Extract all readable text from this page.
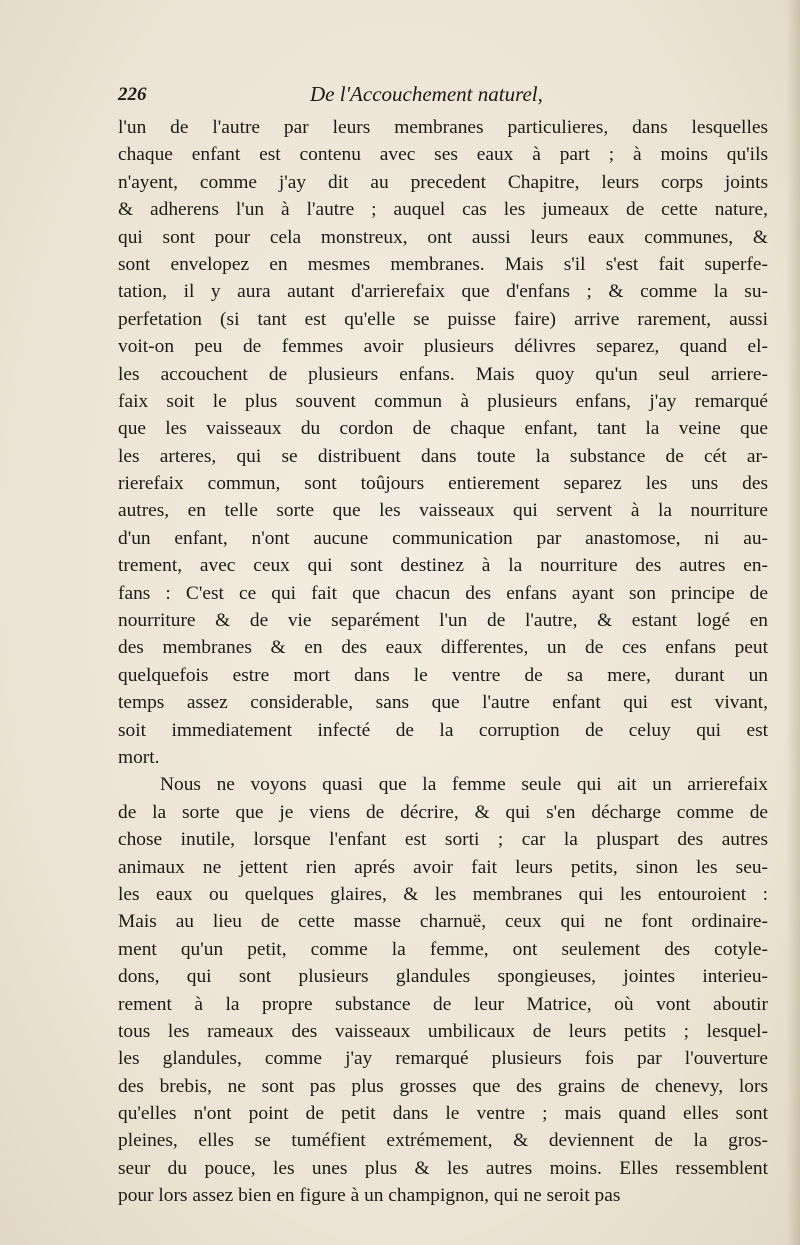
226	De l'Accouchement naturel,
l'un de l'autre par leurs membranes particulieres, dans lesquelles
chaque enfant est contenu avec ses eaux à part ; à moins qu'ils
n'ayent, comme j'ay dit au precedent Chapitre, leurs corps joints
& adherens l'un à l'autre ; auquel cas les jumeaux de cette nature,
qui sont pour cela monstreux, ont aussi leurs eaux communes, &
sont envelopez en mesmes membranes. Mais s'il s'est fait superfe-
tation, il y aura autant d'arrierefaix que d'enfans ; & comme la su-
perfetation (si tant est qu'elle se puisse faire) arrive rarement, aussi
voit-on peu de femmes avoir plusieurs délivres separez, quand el-
les accouchent de plusieurs enfans. Mais quoy qu'un seul arriere-
faix soit le plus souvent commun à plusieurs enfans, j'ay remarqué
que les vaisseaux du cordon de chaque enfant, tant la veine que
les arteres, qui se distribuent dans toute la substance de cét ar-
rierefaix commun, sont toûjours entierement separez les uns des
autres, en telle sorte que les vaisseaux qui servent à la nourriture
d'un enfant, n'ont aucune communication par anastomose, ni au-
trement, avec ceux qui sont destinez à la nourriture des autres en-
fans : C'est ce qui fait que chacun des enfans ayant son principe de
nourriture & de vie separément l'un de l'autre, & estant logé en
des membranes & en des eaux differentes, un de ces enfans peut
quelquefois estre mort dans le ventre de sa mere, durant un
temps assez considerable, sans que l'autre enfant qui est vivant,
soit immediatement infecté de la corruption de celuy qui est
mort.
Nous ne voyons quasi que la femme seule qui ait un arrierefaix
de la sorte que je viens de décrire, & qui s'en décharge comme de
chose inutile, lorsque l'enfant est sorti ; car la pluspart des autres
animaux ne jettent rien aprés avoir fait leurs petits, sinon les seu-
les eaux ou quelques glaires, & les membranes qui les entouroient :
Mais au lieu de cette masse charnuë, ceux qui ne font ordinaire-
ment qu'un petit, comme la femme, ont seulement des cotyle-
dons, qui sont plusieurs glandules spongieuses, jointes interieu-
rement à la propre substance de leur Matrice, où vont aboutir
tous les rameaux des vaisseaux umbilicaux de leurs petits ; lesquel-
les glandules, comme j'ay remarqué plusieurs fois par l'ouverture
des brebis, ne sont pas plus grosses que des grains de chenevy, lors
qu'elles n'ont point de petit dans le ventre ; mais quand elles sont
pleines, elles se tuméfient extrémement, & deviennent de la gros-
seur du pouce, les unes plus & les autres moins. Elles ressemblent
pour lors assez bien en figure à un champignon, qui ne seroit pas
